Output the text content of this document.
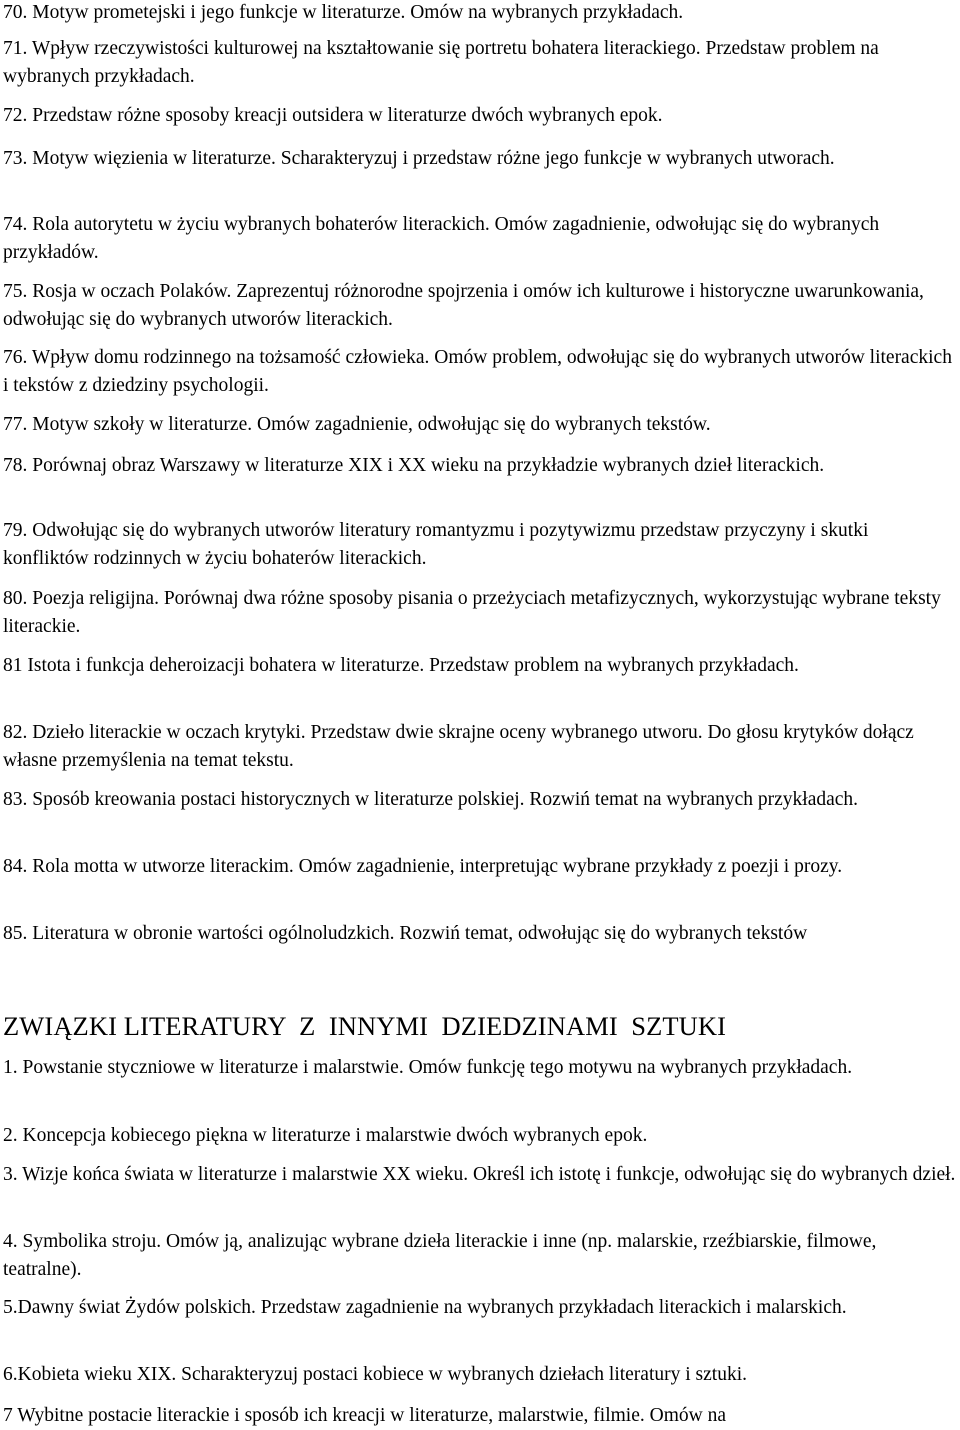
70. Motyw prometejski i jego funkcje w literaturze. Omów na wybranych przykładach.
71. Wpływ rzeczywistości kulturowej na kształtowanie się portretu bohatera literackiego. Przedstaw problem na wybranych przykładach.
72. Przedstaw różne sposoby kreacji outsidera w literaturze dwóch wybranych epok.
73. Motyw więzienia w literaturze. Scharakteryzuj i przedstaw różne jego funkcje w wybranych utworach.
74. Rola autorytetu w życiu wybranych bohaterów literackich. Omów zagadnienie, odwołując się do wybranych przykładów.
75. Rosja w oczach Polaków. Zaprezentuj różnorodne spojrzenia i omów ich kulturowe i historyczne uwarunkowania, odwołując się do wybranych utworów literackich.
76. Wpływ domu rodzinnego na tożsamość człowieka. Omów problem, odwołując się do wybranych utworów literackich i tekstów z dziedziny psychologii.
77. Motyw szkoły w literaturze. Omów zagadnienie, odwołując się do wybranych tekstów.
78. Porównaj obraz Warszawy w literaturze XIX i XX wieku na przykładzie wybranych dzieł literackich.
79. Odwołując się do wybranych utworów literatury romantyzmu i pozytywizmu przedstaw przyczyny i skutki konfliktów rodzinnych w życiu bohaterów literackich.
80. Poezja religijna. Porównaj dwa różne sposoby pisania o przeżyciach metafizycznych, wykorzystując wybrane teksty literackie.
81 Istota i funkcja deheroizacji bohatera w literaturze. Przedstaw problem na wybranych przykładach.
82. Dzieło literackie w oczach krytyki. Przedstaw dwie skrajne oceny wybranego utworu. Do głosu krytyków dołącz własne przemyślenia na temat tekstu.
83. Sposób kreowania postaci historycznych w literaturze polskiej. Rozwiń temat na wybranych przykładach.
84. Rola motta w utworze literackim. Omów zagadnienie, interpretując wybrane przykłady z poezji i prozy.
85. Literatura w obronie wartości ogólnoludzkich. Rozwiń temat, odwołując się do wybranych tekstów
ZWIĄZKI LITERATURY  Z  INNYMI  DZIEDZINAMI  SZTUKI
1. Powstanie styczniowe w literaturze i malarstwie. Omów funkcję tego motywu na wybranych przykładach.
2. Koncepcja kobiecego piękna w literaturze i malarstwie dwóch wybranych epok.
3. Wizje końca świata w literaturze i malarstwie XX wieku. Określ ich istotę i funkcje, odwołując się do wybranych dzieł.
4. Symbolika stroju. Omów ją, analizując wybrane dzieła literackie i inne (np. malarskie, rzeźbiarskie, filmowe, teatralne).
5.Dawny świat Żydów polskich. Przedstaw zagadnienie na wybranych przykładach literackich i malarskich.
6.Kobieta wieku XIX. Scharakteryzuj postaci kobiece w wybranych dziełach literatury i sztuki.
7 Wybitne postacie literackie i sposób ich kreacji w literaturze, malarstwie, filmie. Omów na
